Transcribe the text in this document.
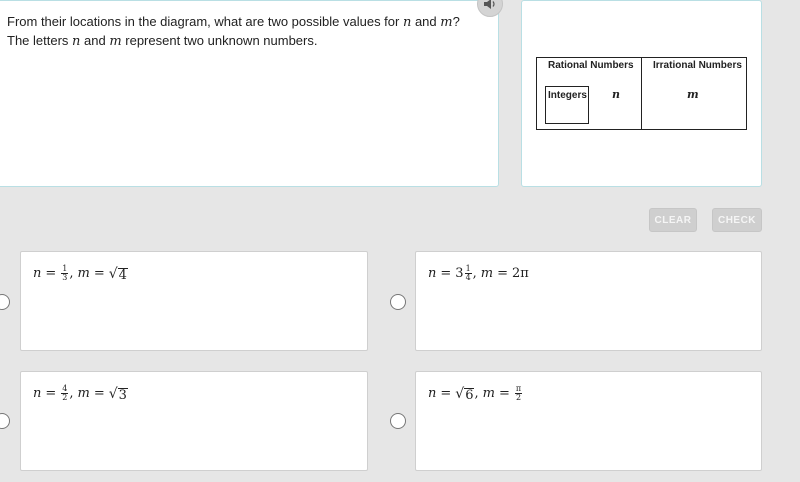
From their locations in the diagram, what are two possible values for n and m?
The letters n and m represent two unknown numbers.
Rational Numbers Irrational Numbers
Integers n	m
CLEAR	CHECK
$n = \frac{1}{3}$ , m = √ 4	$n = 3 \frac{1}{4}$ , m = 2π
$n = \frac{4}{2}$ , m = √ 3	n = √ 6 , $m = \frac{\pi}{2}$
